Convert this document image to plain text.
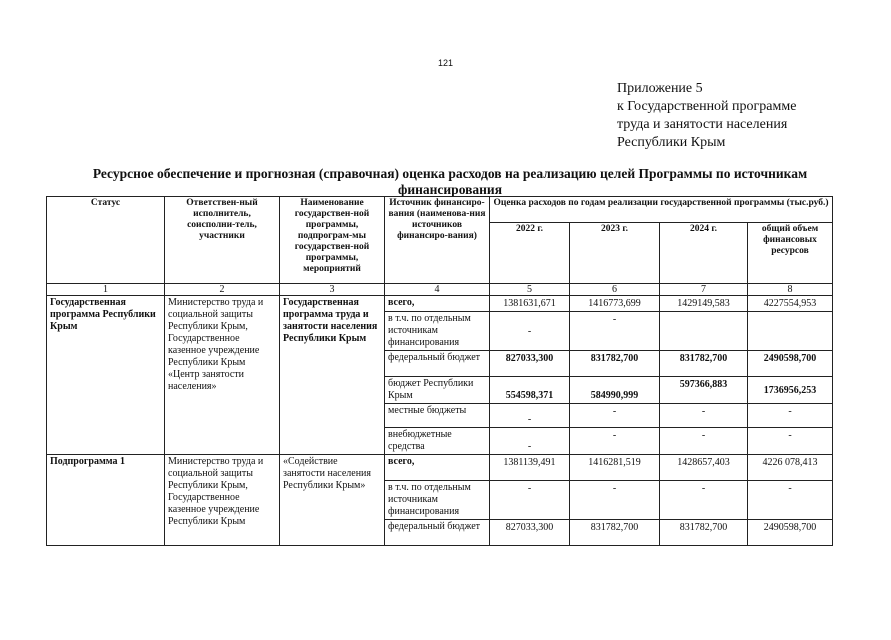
121
Приложение 5
к Государственной программе
труда и занятости населения
Республики Крым
Ресурсное обеспечение и прогнозная (справочная) оценка расходов на реализацию целей Программы по источникам финансирования
Статус	Ответствен-ный исполнитель, соисполни-тель, участники	Наименование государствен-ной программы, подпрограм-мы государствен-ной программы, мероприятий	Источник финансиро-вания (наименова-ния источников финансиро-вания)	Оценка расходов по годам реализации государственной программы (тыс.руб.)			
				2022 г.	2023 г.	2024 г.	общий объем финансовых ресурсов
1	2	3	4	5	6	7	8
Государственная программа Республики Крым	Министерство труда и социальной защиты Республики Крым, Государственное казенное учреждение Республики Крым «Центр занятости населения»	Государственная программа труда и занятости населения Республики Крым	всего,	1381631,671	1416773,699	1429149,583	4227554,953
			в т.ч. по отдельным источникам финансирования	-	-		
			федеральный бюджет	827033,300	831782,700	831782,700	2490598,700
			бюджет Республики Крым	554598,371	584990,999	597366,883	1736956,253
			местные бюджеты	-	-	-	-
			внебюджетные средства	-	-	-	-
Подпрограмма 1	Министерство труда и социальной защиты Республики Крым, Государственное казенное учреждение Республики Крым	«Содействие занятости населения Республики Крым»	всего,	1381139,491	1416281,519	1428657,403	4226 078,413
			в т.ч. по отдельным источникам финансирования	-	-	-	-
			федеральный бюджет	827033,300	831782,700	831782,700	2490598,700
